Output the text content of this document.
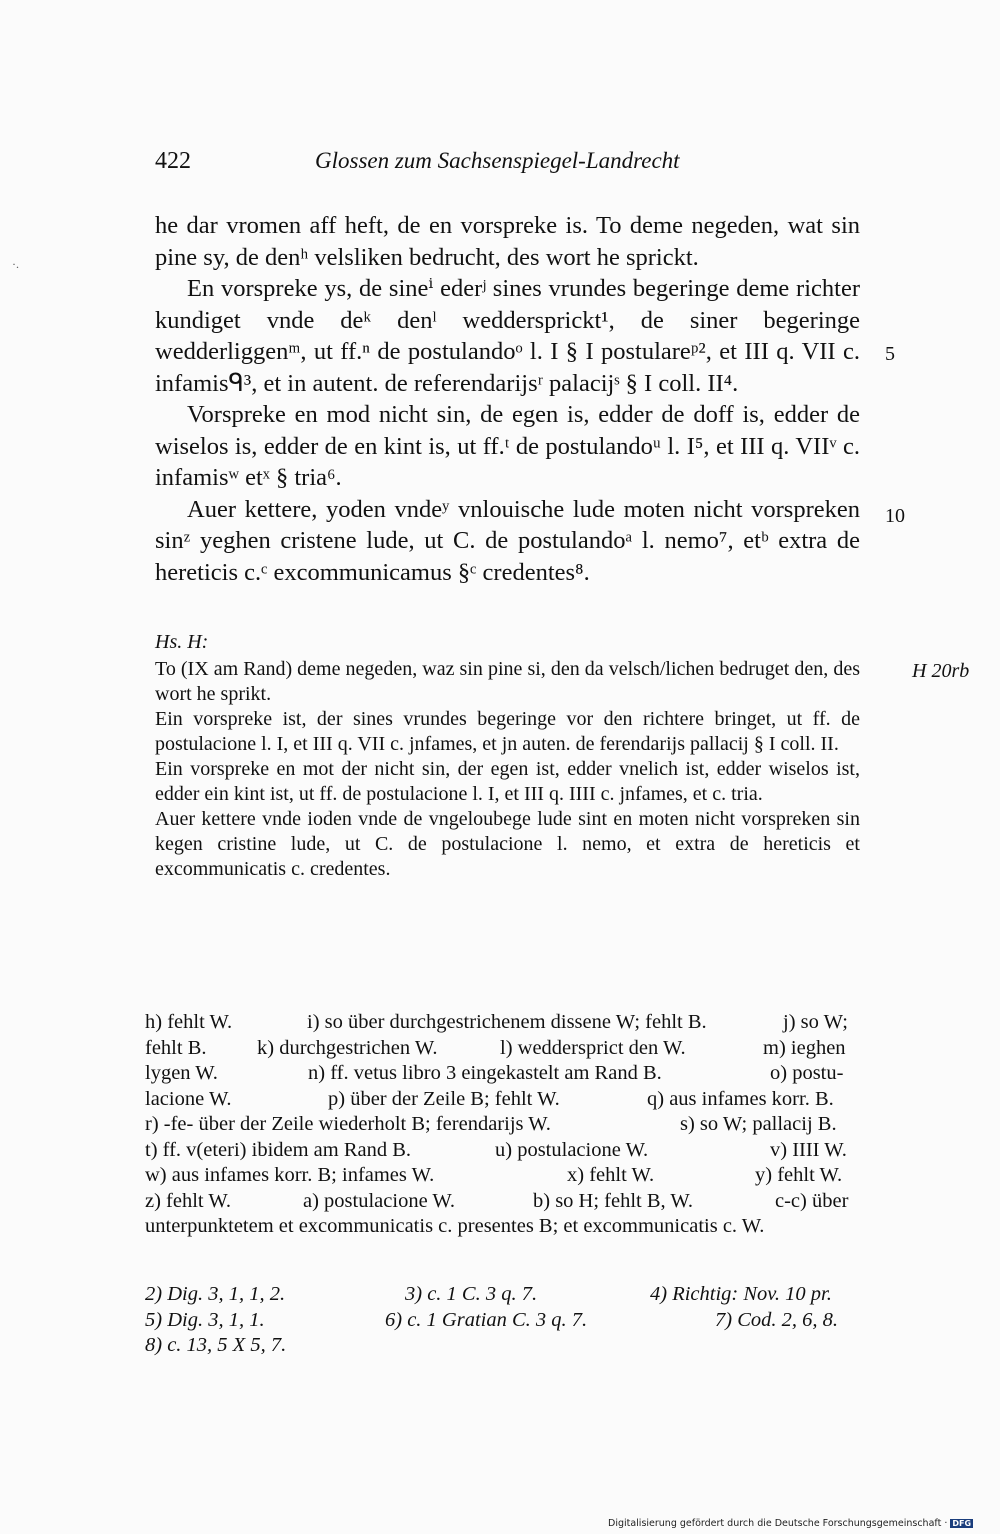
·.
422	Glossen zum Sachsenspiegel-Landrecht

he dar vromen aff heft, de en vorspreke is. To deme negeden, wat sin pine sy, de denʰ velsliken bedrucht, des wort he sprickt.

En vorspreke ys, de sineⁱ ederʲ sines vrundes begeringe deme richter kundiget vnde deᵏ denˡ weddersprickt¹, de siner begeringe wedderliggenᵐ, ut ff.ⁿ de postulandoᵒ l. I § I postulareᵖ², et III q. VII c. infamisᑫ³, et in autent. de referendarijsʳ palacijˢ § I coll. II⁴.

Vorspreke en mod nicht sin, de egen is, edder de doff is, edder de wiselos is, edder de en kint is, ut ff.ᵗ de postulandoᵘ l. I⁵, et III q. VIIᵛ c. infamisʷ etˣ § tria⁶.

Auer kettere, yoden vndeʸ vnlouische lude moten nicht vorspreken sinᶻ yeghen cristene lude, ut C. de postulandoᵃ l. nemo⁷, etᵇ extra de hereticis c.ᶜ excommunicamus §ᶜ credentes⁸.

5
10
Hs. H:

To (IX am Rand) deme negeden, waz sin pine si, den da velsch/lichen bedruget den, des wort he sprikt.

Ein vorspreke ist, der sines vrundes begeringe vor den richtere bringet, ut ff. de postulacione l. I, et III q. VII c. jnfames, et jn auten. de ferendarijs pallacij § I coll. II.

Ein vorspreke en mot der nicht sin, der egen ist, edder vnelich ist, edder wiselos ist, edder ein kint ist, ut ff. de postulacione l. I, et III q. IIII c. jnfames, et c. tria.

Auer kettere vnde ioden vnde de vngeloubege lude sint en moten nicht vorspreken sin kegen cristine lude, ut C. de postulacione l. nemo, et extra de hereticis et excommunicatis c. credentes.

H 20rb
h) fehlt W.	i) so über durchgestrichenem dissene W; fehlt B.	j) so W;
fehlt B. k) durchgestrichen W.	l) weddersprict den W.	m) ieghen
lygen W.	n) ff. vetus libro 3 eingekastelt am Rand B.	o) postu-
lacione W.	p) über der Zeile B; fehlt W.	q) aus infames korr. B.
r) -fe- über der Zeile wiederholt B; ferendarijs W.	s) so W; pallacij B.
t) ff. v(eteri) ibidem am Rand B.	u) postulacione W.	v) IIII W.
w) aus infames korr. B; infames W.	x) fehlt W.	y) fehlt W.
z) fehlt W.	a) postulacione W.	b) so H; fehlt B, W.	c-c) über
unterpunktetem et excommunicatis c. presentes B; et excommunicatis c. W.
2) Dig. 3, 1, 1, 2.	3) c. 1 C. 3 q. 7.	4) Richtig: Nov. 10 pr.
5) Dig. 3, 1, 1.	6) c. 1 Gratian C. 3 q. 7.	7) Cod. 2, 6, 8.
8) c. 13, 5 X 5, 7.
Digitalisierung gefördert durch die Deutsche Forschungsgemeinschaft · DFG
